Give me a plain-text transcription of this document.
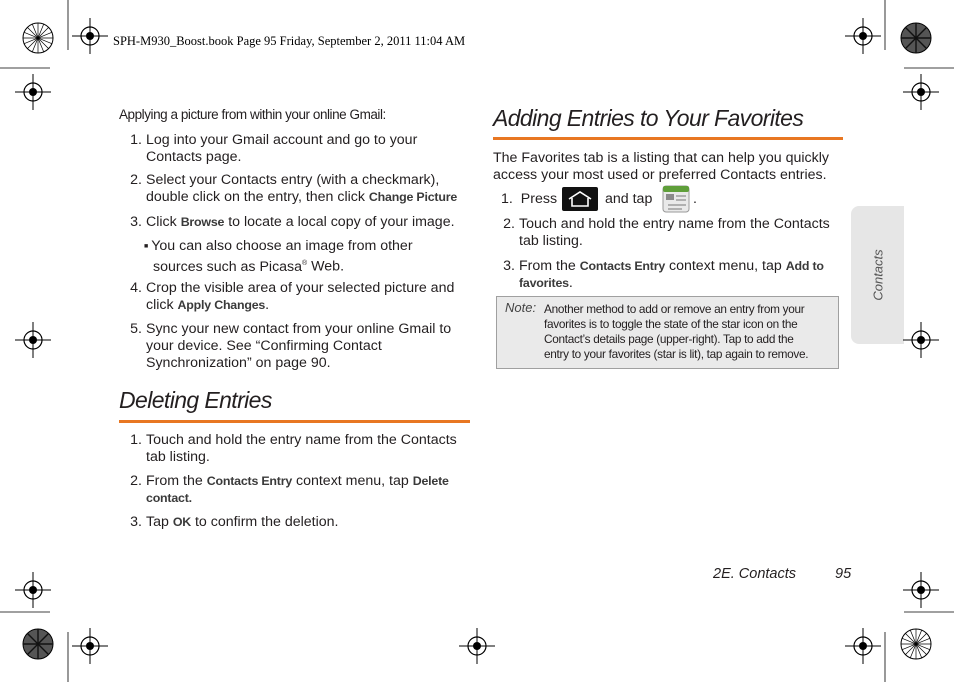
SPH-M930_Boost.book Page 95 Friday, September 2, 2011 11:04 AM
Applying a picture from within your online Gmail:
1. Log into your Gmail account and go to your
Contacts page.
2. Select your Contacts entry (with a checkmark),
double click on the entry, then click Change Picture
3. Click Browse to locate a local copy of your image.
■ You can also choose an image from other
sources such as Picasa® Web.
4. Crop the visible area of your selected picture and
click Apply Changes.
5. Sync your new contact from your online Gmail to
your device. See “Confirming Contact
Synchronization” on page 90.
Deleting Entries
1. Touch and hold the entry name from the Contacts
tab listing.
2. From the Contacts Entry context menu, tap Delete
contact.
3. Tap OK to confirm the deletion.
Adding Entries to Your Favorites
The Favorites tab is a listing that can help you quickly
access your most used or preferred Contacts entries.
1. Press	and tap	.
2. Touch and hold the entry name from the Contacts
tab listing.
3. From the Contacts Entry context menu, tap Add to
favorites.
Note: Another method to add or remove an entry from your
favorites is to toggle the state of the star icon on the
Contact’s details page (upper-right). Tap to add the
entry to your favorites (star is lit), tap again to remove.
Contacts
2E. Contacts	95
